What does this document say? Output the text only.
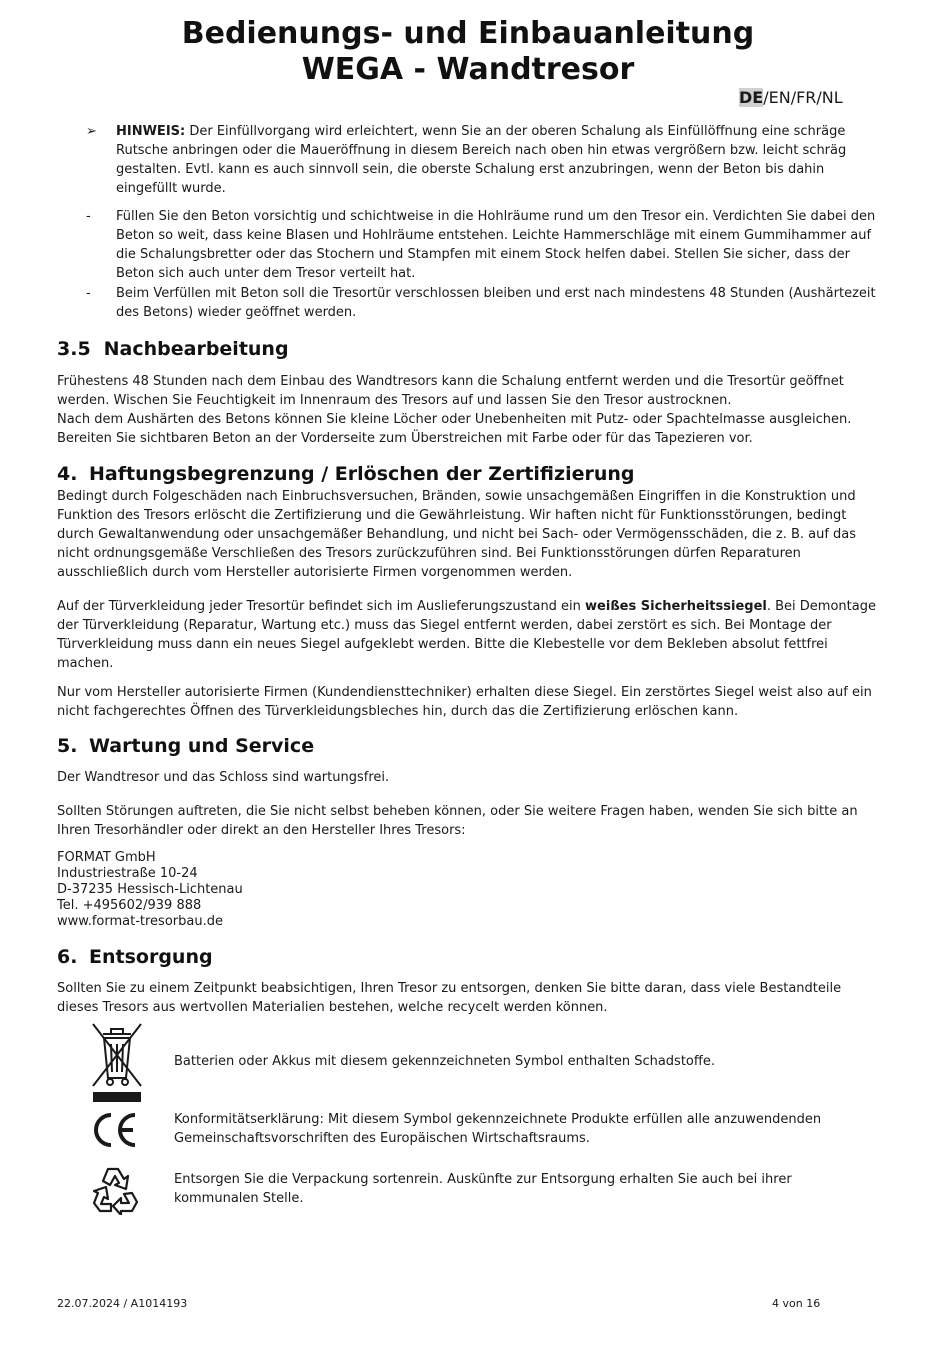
Bedienungs- und Einbauanleitung
WEGA - Wandtresor
DE/EN/FR/NL
➢ HINWEIS: Der Einfüllvorgang wird erleichtert, wenn Sie an der oberen Schalung als Einfüllöffnung eine schräge Rutsche anbringen oder die Maueröffnung in diesem Bereich nach oben hin etwas vergrößern bzw. leicht schräg gestalten. Evtl. kann es auch sinnvoll sein, die oberste Schalung erst anzubringen, wenn der Beton bis dahin eingefüllt wurde.

- Füllen Sie den Beton vorsichtig und schichtweise in die Hohlräume rund um den Tresor ein. Verdichten Sie dabei den Beton so weit, dass keine Blasen und Hohlräume entstehen. Leichte Hammerschläge mit einem Gummihammer auf die Schalungsbretter oder das Stochern und Stampfen mit einem Stock helfen dabei. Stellen Sie sicher, dass der Beton sich auch unter dem Tresor verteilt hat.

- Beim Verfüllen mit Beton soll die Tresortür verschlossen bleiben und erst nach mindestens 48 Stunden (Aushärtezeit des Betons) wieder geöffnet werden.

3.5 Nachbearbeitung

Frühestens 48 Stunden nach dem Einbau des Wandtresors kann die Schalung entfernt werden und die Tresortür geöffnet werden. Wischen Sie Feuchtigkeit im Innenraum des Tresors auf und lassen Sie den Tresor austrocknen.

Nach dem Aushärten des Betons können Sie kleine Löcher oder Unebenheiten mit Putz- oder Spachtelmasse ausgleichen. Bereiten Sie sichtbaren Beton an der Vorderseite zum Überstreichen mit Farbe oder für das Tapezieren vor.

4. Haftungsbegrenzung / Erlöschen der Zertifizierung

Bedingt durch Folgeschäden nach Einbruchsversuchen, Bränden, sowie unsachgemäßen Eingriffen in die Konstruktion und Funktion des Tresors erlöscht die Zertifizierung und die Gewährleistung. Wir haften nicht für Funktionsstörungen, bedingt durch Gewaltanwendung oder unsachgemäßer Behandlung, und nicht bei Sach- oder Vermögensschäden, die z. B. auf das nicht ordnungsgemäße Verschließen des Tresors zurückzuführen sind. Bei Funktionsstörungen dürfen Reparaturen ausschließlich durch vom Hersteller autorisierte Firmen vorgenommen werden.

Auf der Türverkleidung jeder Tresortür befindet sich im Auslieferungszustand ein weißes Sicherheitssiegel. Bei Demontage der Türverkleidung (Reparatur, Wartung etc.) muss das Siegel entfernt werden, dabei zerstört es sich. Bei Montage der Türverkleidung muss dann ein neues Siegel aufgeklebt werden. Bitte die Klebestelle vor dem Bekleben absolut fettfrei machen.

Nur vom Hersteller autorisierte Firmen (Kundendiensttechniker) erhalten diese Siegel. Ein zerstörtes Siegel weist also auf ein nicht fachgerechtes Öffnen des Türverkleidungsbleches hin, durch das die Zertifizierung erlöschen kann.

5. Wartung und Service

Der Wandtresor und das Schloss sind wartungsfrei.

Sollten Störungen auftreten, die Sie nicht selbst beheben können, oder Sie weitere Fragen haben, wenden Sie sich bitte an Ihren Tresorhändler oder direkt an den Hersteller Ihres Tresors:

FORMAT GmbH
Industriestraße 10-24
D-37235 Hessisch-Lichtenau
Tel. +495602/939 888
www.format-tresorbau.de
6. Entsorgung

Sollten Sie zu einem Zeitpunkt beabsichtigen, Ihren Tresor zu entsorgen, denken Sie bitte daran, dass viele Bestandteile dieses Tresors aus wertvollen Materialien bestehen, welche recycelt werden können.

Batterien oder Akkus mit diesem gekennzeichneten Symbol enthalten Schadstoffe.

Konformitätserklärung: Mit diesem Symbol gekennzeichnete Produkte erfüllen alle anzuwendenden Gemeinschaftsvorschriften des Europäischen Wirtschaftsraums.

Entsorgen Sie die Verpackung sortenrein. Auskünfte zur Entsorgung erhalten Sie auch bei ihrer kommunalen Stelle.

22.07.2024 / A1014193	4 von 16
